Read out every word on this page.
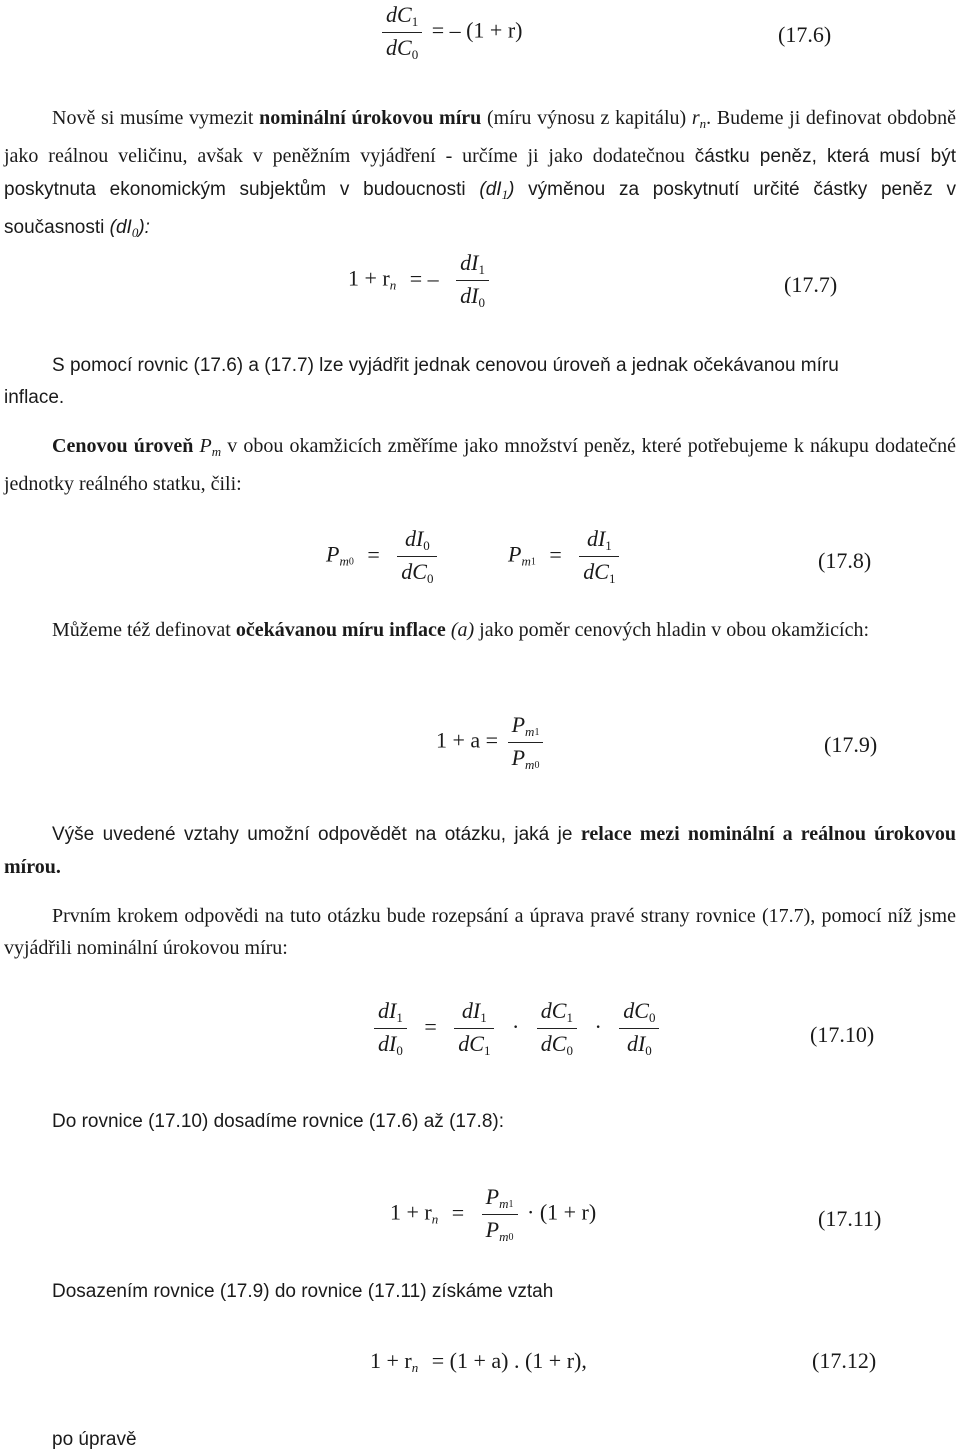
$\frac{dC_1}{dC_0}$ = – (1 + r)	(17.6)

Nově si musíme vymezit nominální úrokovou míru (míru výnosu z kapitálu) $r_n$. Budeme ji definovat obdobně jako reálnou veličinu, avšak v peněžním vyjádření - určíme ji jako dodatečnou částku peněz, která musí být poskytnuta ekonomickým subjektům v budoucnosti $(dI_1)$ výměnou za poskytnutí určité částky peněz v současnosti $(dI_0)$:

$1 + r_n$ = – $\frac{dI_1}{dI_0}$	(17.7)
S pomocí rovnic (17.6) a (17.7) lze vyjádřit jednak cenovou úroveň a jednak očekávanou míru
inflace.

Cenovou úroveň $P_m$ v obou okamžicích změříme jako množství peněz, které potřebujeme k nákupu dodatečné jednotky reálného statku, čili:

$P_m0 = \frac{dI_0}{dC_0}$	$P_m1 = \frac{dI_1}{dC_1}$	(17.8)

Můžeme též definovat očekávanou míru inflace (a) jako poměr cenových hladin v obou okamžicích:

$1 + a = \frac{P_m1}{P_m0}$	(17.9)

Výše uvedené vztahy umožní odpovědět na otázku, jaká je relace mezi nominální a reálnou úrokovou mírou.

Prvním krokem odpovědi na tuto otázku bude rozepsání a úprava pravé strany rovnice (17.7), pomocí níž jsme vyjádřili nominální úrokovou míru:

$\frac{dI_1}{dI_0} = \frac{dI_1}{dC_1} \cdot \frac{dC_1}{dC_0} \cdot \frac{dC_0}{dI_0}$	(17.10)
Do rovnice (17.10) dosadíme rovnice (17.6) až (17.8):
$1 + r_n = \frac{P_m1}{P_m0} \cdot (1 + r)$	(17.11)
Dosazením rovnice (17.9) do rovnice (17.11) získáme vztah
$1 + r_n = (1 + a)$ . (1 + r),	(17.12)
po úpravě
